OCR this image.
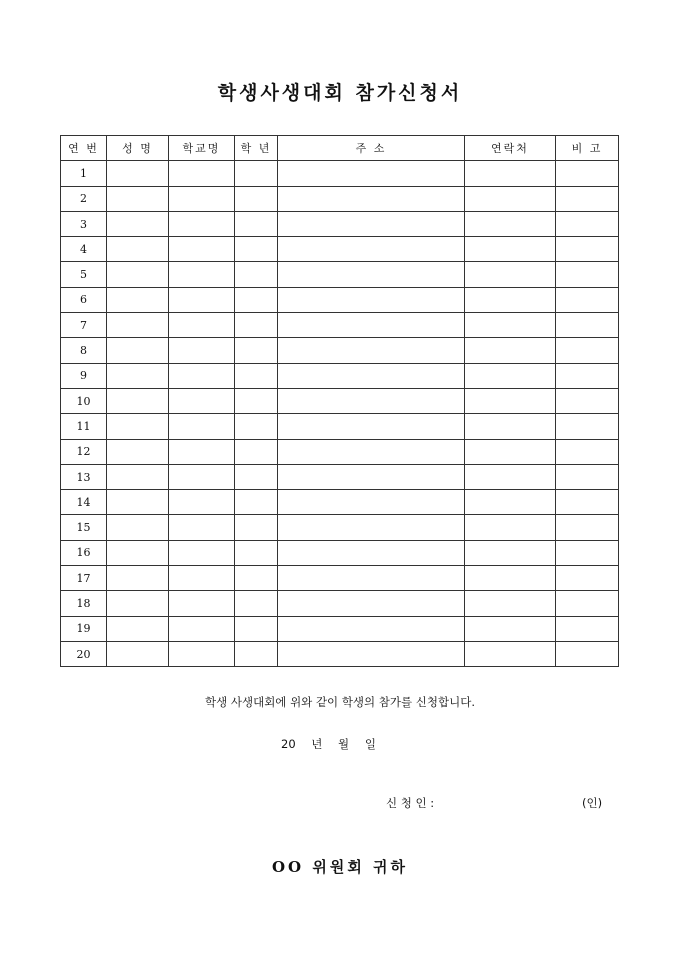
학생사생대회 참가신청서
연 번	성 명	학교명	학 년	주 소	연락처	비 고
1						
2						
3						
4						
5						
6						
7						
8						
9						
10						
11						
12						
13						
14						
15						
16						
17						
18						
19						
20						
학생 사생대회에 위와 같이 학생의 참가를 신청합니다.
20 년 월 일
신 청 인 :	(인)
OO 위원회 귀하
